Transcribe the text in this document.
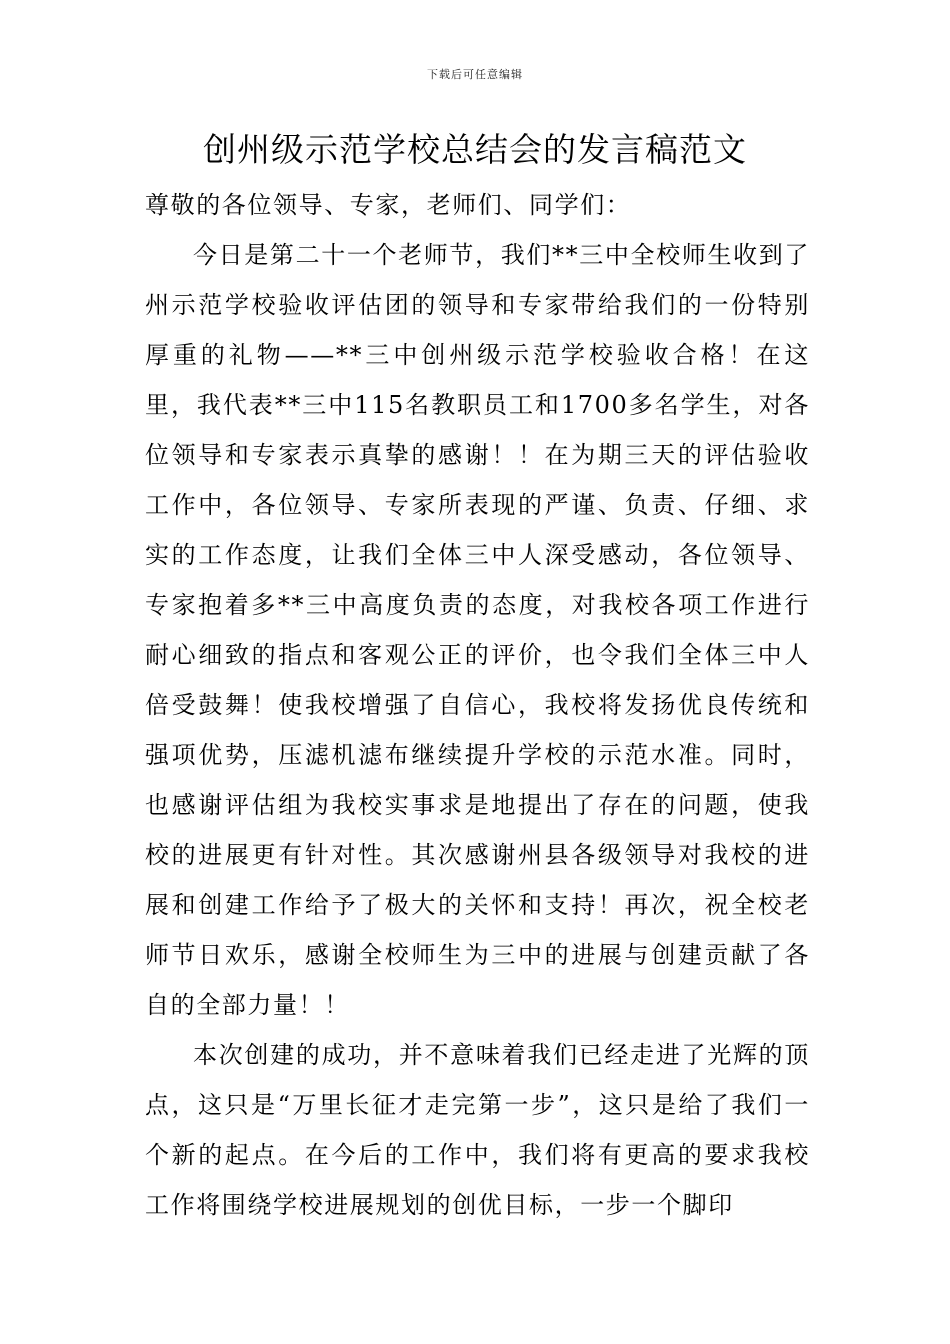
下载后可任意编辑
创州级示范学校总结会的发言稿范文

尊敬的各位领导、专家，老师们、同学们：

今日是第二十一个老师节，我们**三中全校师生收到了州示范学校验收评估团的领导和专家带给我们的一份特别厚重的礼物——**三中创州级示范学校验收合格！在这里，我代表**三中115名教职员工和1700多名学生，对各位领导和专家表示真挚的感谢！！在为期三天的评估验收工作中，各位领导、专家所表现的严谨、负责、仔细、求实的工作态度，让我们全体三中人深受感动，各位领导、专家抱着多**三中高度负责的态度，对我校各项工作进行耐心细致的指点和客观公正的评价，也令我们全体三中人倍受鼓舞！使我校增强了自信心，我校将发扬优良传统和强项优势，压滤机滤布继续提升学校的示范水准。同时，也感谢评估组为我校实事求是地提出了存在的问题，使我校的进展更有针对性。其次感谢州县各级领导对我校的进展和创建工作给予了极大的关怀和支持！再次，祝全校老师节日欢乐，感谢全校师生为三中的进展与创建贡献了各自的全部力量！！

本次创建的成功，并不意味着我们已经走进了光辉的顶点，这只是“万里长征才走完第一步”，这只是给了我们一个新的起点。在今后的工作中，我们将有更高的要求我校工作将围绕学校进展规划的创优目标，一步一个脚印
